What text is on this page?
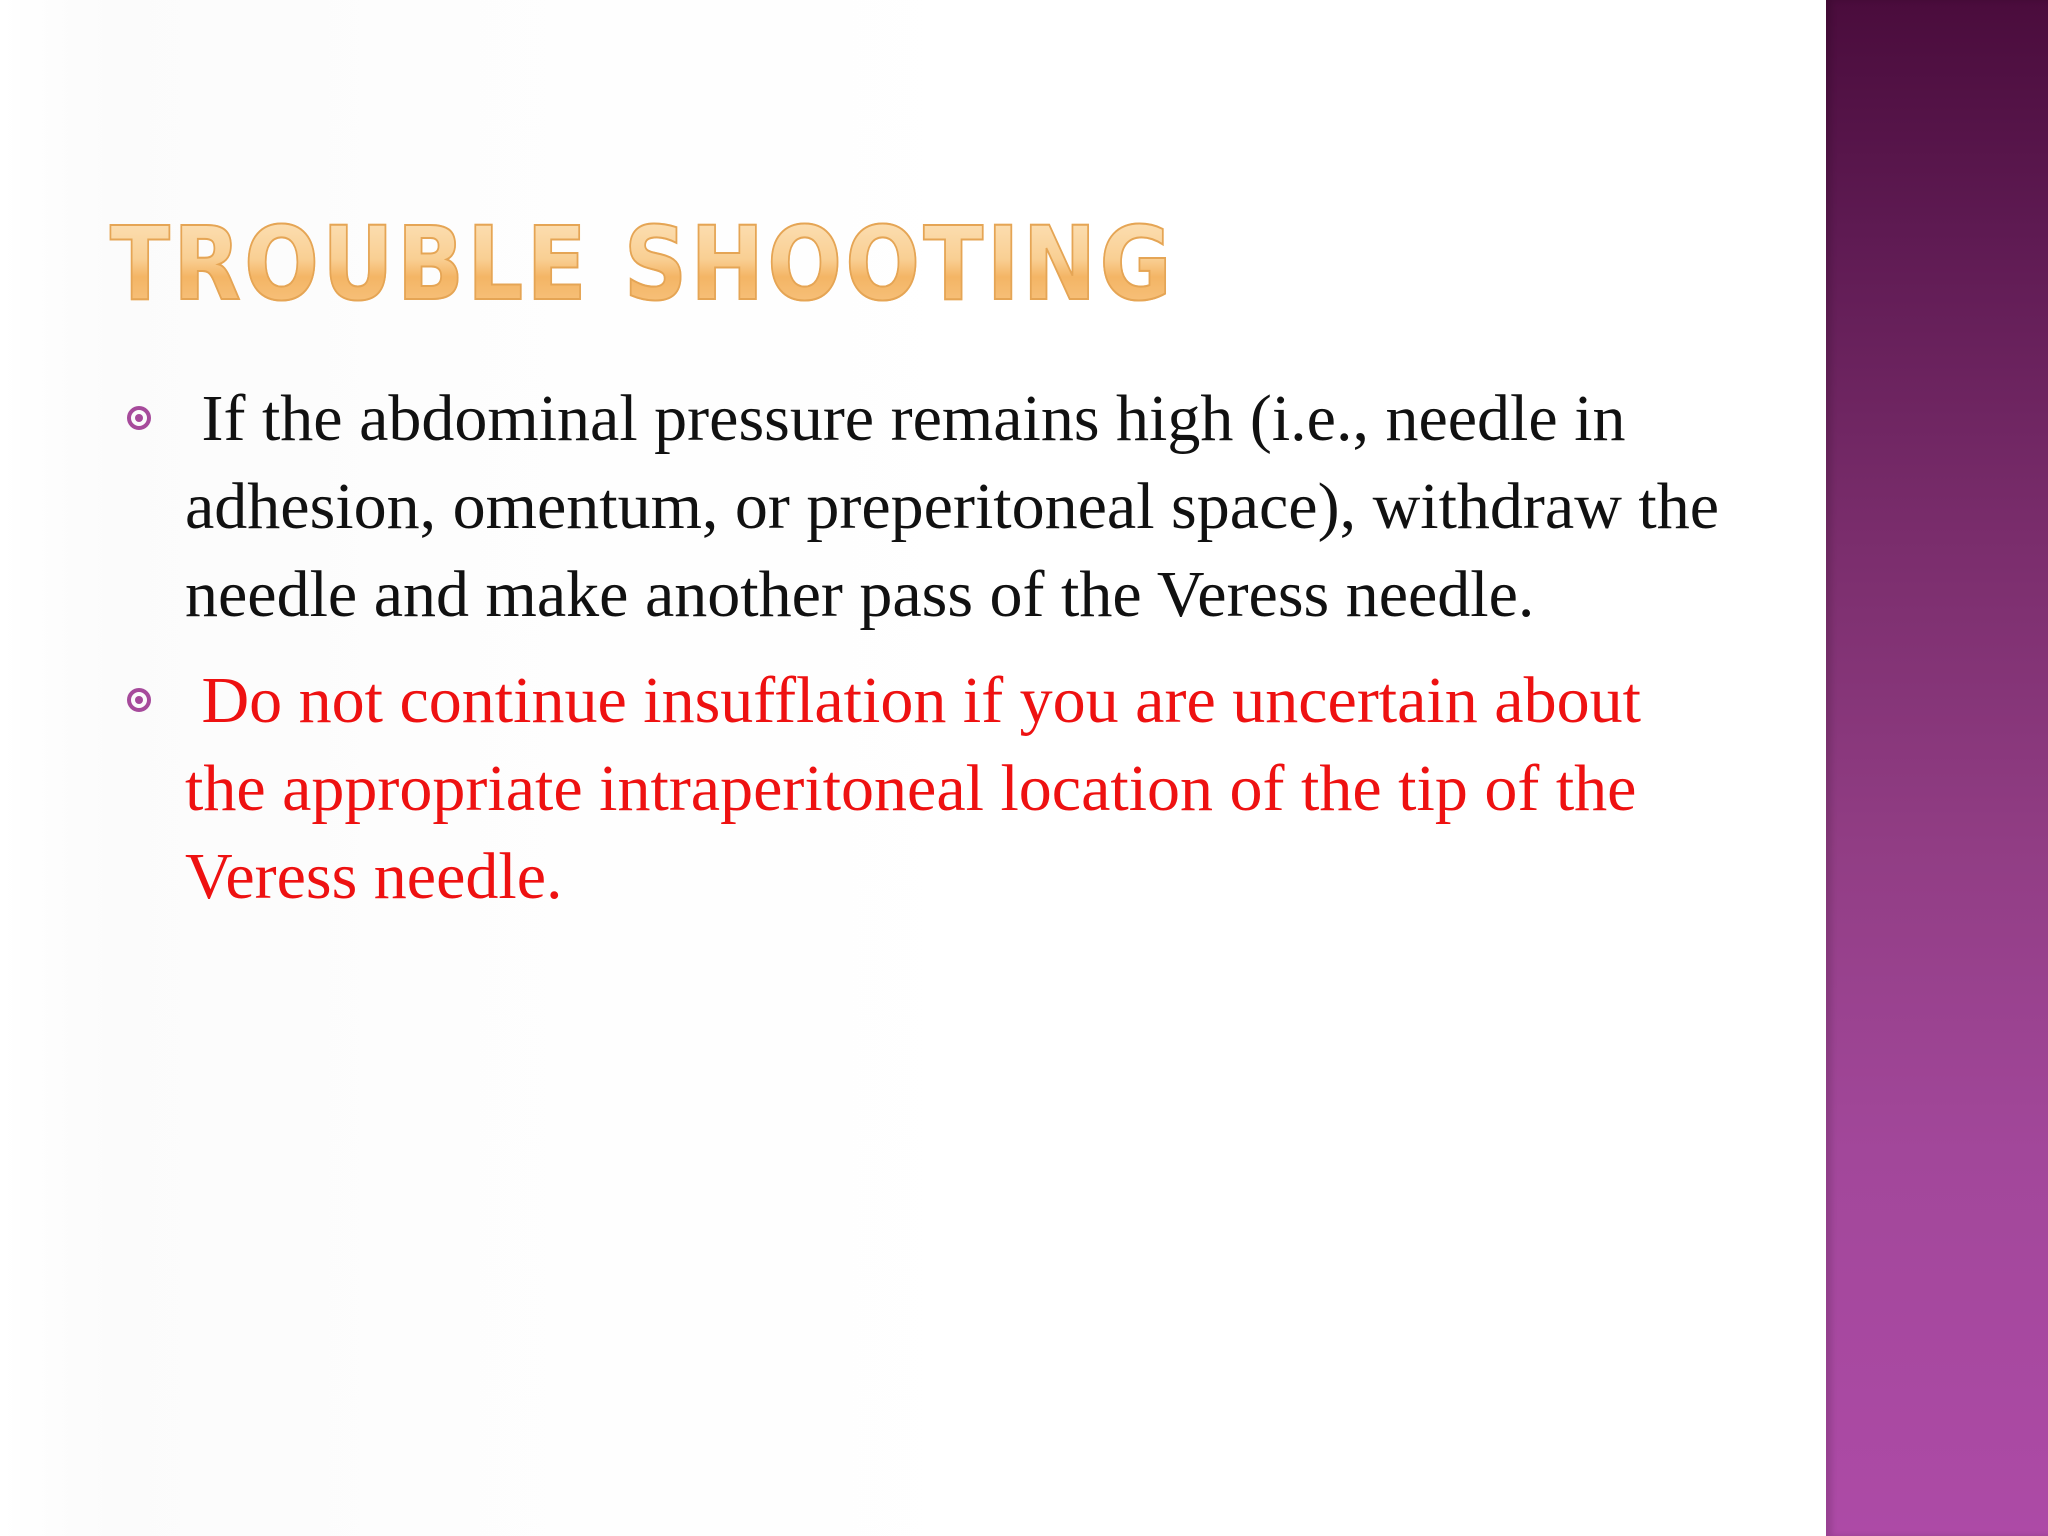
TROUBLE SHOOTING
If the abdominal pressure remains high (i.e., needle in adhesion, omentum, or preperitoneal space), withdraw the needle and make another pass of the Veress needle.
Do not continue insufflation if you are uncertain about the appropriate intraperitoneal location of the tip of the Veress needle.
